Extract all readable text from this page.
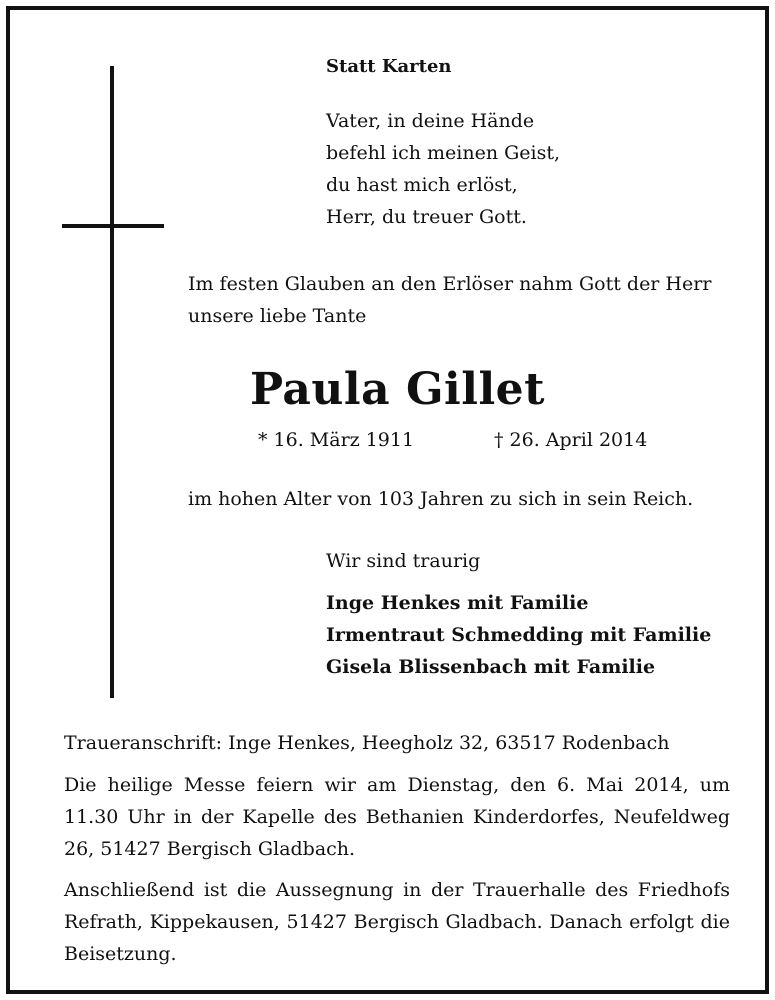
Statt Karten
Vater, in deine Hände
befehl ich meinen Geist,
du hast mich erlöst,
Herr, du treuer Gott.
Im festen Glauben an den Erlöser nahm Gott der Herr
unsere liebe Tante
Paula Gillet
* 16. März 1911	† 26. April 2014
im hohen Alter von 103 Jahren zu sich in sein Reich.
Wir sind traurig
Inge Henkes mit Familie
Irmentraut Schmedding mit Familie
Gisela Blissenbach mit Familie
Traueranschrift: Inge Henkes, Heegholz 32, 63517 Rodenbach
Die heilige Messe feiern wir am Dienstag, den 6. Mai 2014, um 11.30 Uhr in der Kapelle des Bethanien Kinderdorfes, Neufeldweg 26, 51427 Bergisch Gladbach.
Anschließend ist die Aussegnung in der Trauerhalle des Friedhofs Refrath, Kippekausen, 51427 Bergisch Gladbach. Danach erfolgt die Beisetzung.
